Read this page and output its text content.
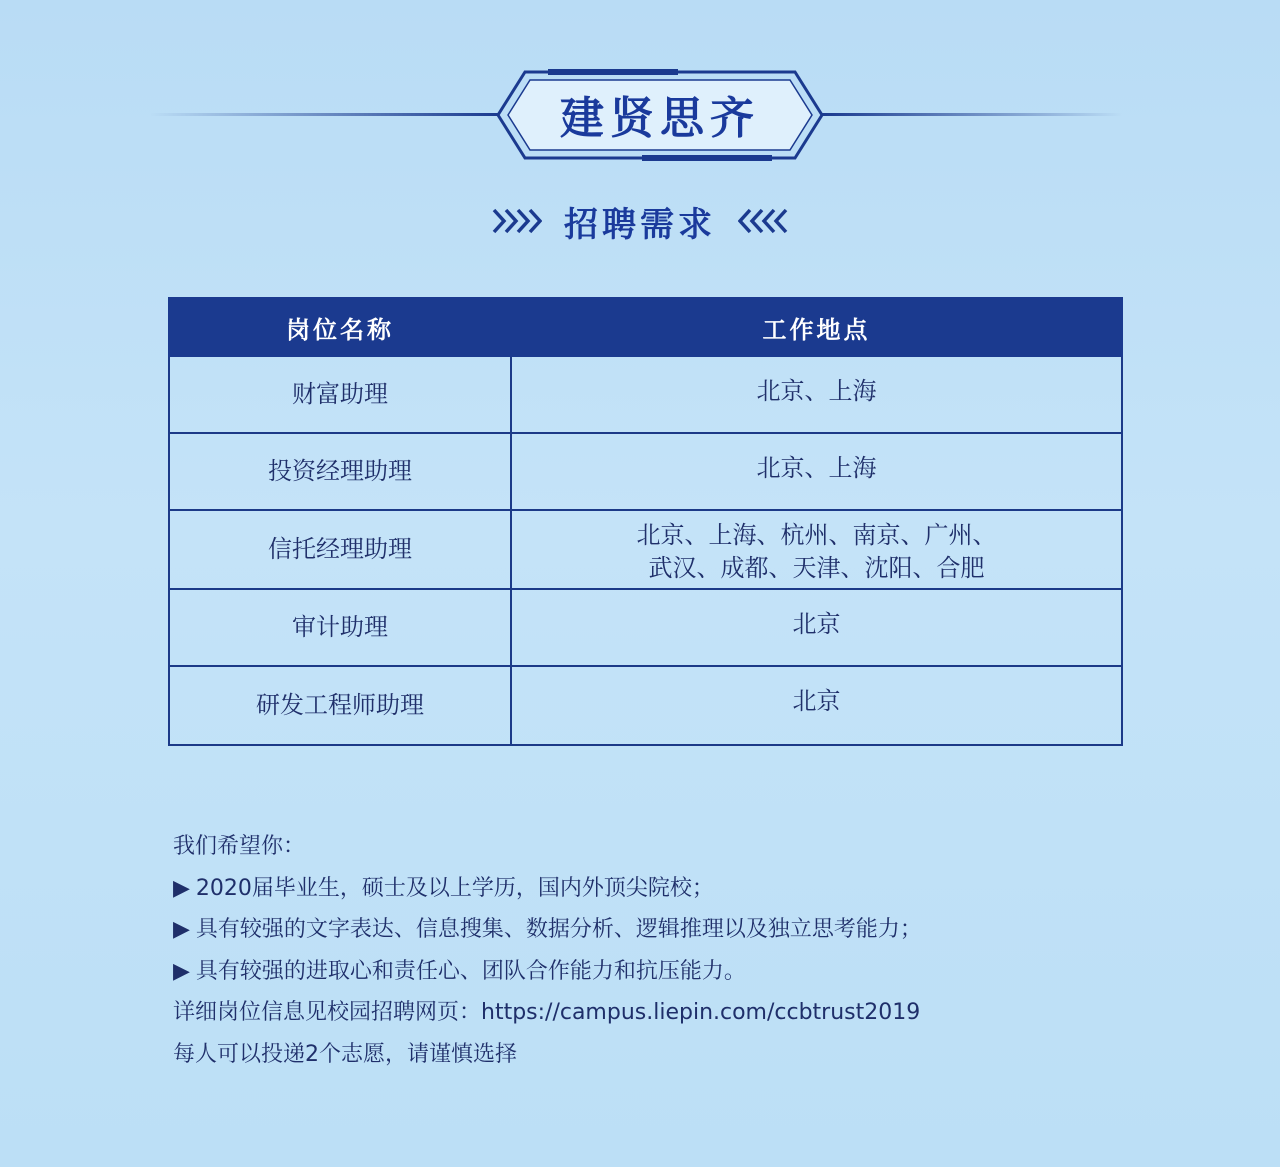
建贤思齐
招聘需求
岗位名称	工作地点
财富助理	北京、上海

投资经理助理	北京、上海

信托经理助理	北京、上海、杭州、南京、广州、
武汉、成都、天津、沈阳、合肥

审计助理	北京

研发工程师助理	北京
我们希望你：
▶ 2020届毕业生，硕士及以上学历，国内外顶尖院校；
▶ 具有较强的文字表达、信息搜集、数据分析、逻辑推理以及独立思考能力；
▶ 具有较强的进取心和责任心、团队合作能力和抗压能力。
详细岗位信息见校园招聘网页：https://campus.liepin.com/ccbtrust2019
每人可以投递2个志愿，请谨慎选择
